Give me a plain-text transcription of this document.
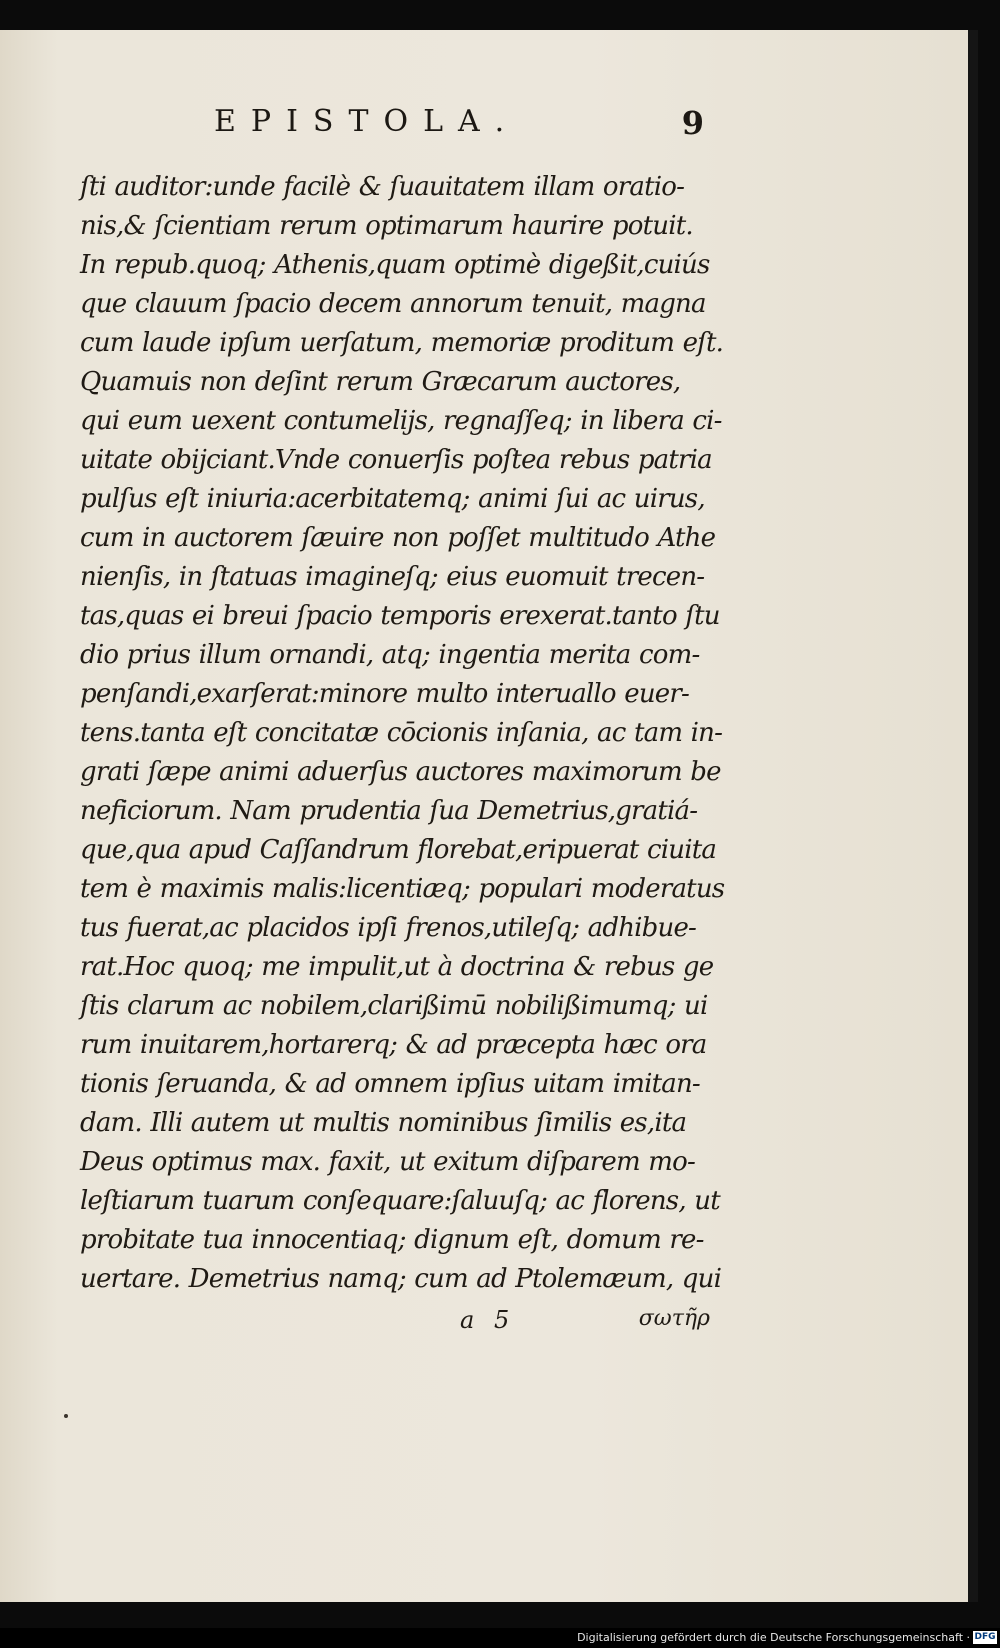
EPISTOLA.	9
ſti auditor:unde facilè & ſuauitatem illam oratio-
nis,& ſcientiam rerum optimarum haurire potuit.
In repub.quoq; Athenis,quam optimè digeßit,cuiús
que clauum ſpacio decem annorum tenuit, magna
cum laude ipſum uerſatum, memoriæ proditum eſt.
Quamuis non deſint rerum Græcarum auctores,
qui eum uexent contumelijs, regnaſſeq; in libera ci-
uitate obijciant.Vnde conuerſis poſtea rebus patria
pulſus eſt iniuria:acerbitatemq; animi ſui ac uirus,
cum in auctorem ſæuire non poſſet multitudo Athe
nienſis, in ſtatuas imagineſq; eius euomuit trecen-
tas,quas ei breui ſpacio temporis erexerat.tanto ſtu
dio prius illum ornandi, atq; ingentia merita com-
penſandi,exarſerat:minore multo interuallo euer-
tens.tanta eſt concitatæ cōcionis inſania, ac tam in-
grati ſæpe animi aduerſus auctores maximorum be
neficiorum. Nam prudentia ſua Demetrius,gratiá-
que,qua apud Caſſandrum florebat,eripuerat ciuita
tem è maximis malis:licentiæq; populari moderatus
tus fuerat,ac placidos ipſi frenos,utileſq; adhibue-
rat.Hoc quoq; me impulit,ut à doctrina & rebus ge
ſtis clarum ac nobilem,clarißimū nobilißimumq; ui
rum inuitarem,hortarerq; & ad præcepta hæc ora
tionis ſeruanda, & ad omnem ipſius uitam imitan-
dam. Illi autem ut multis nominibus ſimilis es,ita
Deus optimus max. faxit, ut exitum diſparem mo-
leſtiarum tuarum conſequare:ſaluuſq; ac florens, ut
probitate tua innocentiaq; dignum eſt, domum re-
uertare. Demetrius namq; cum ad Ptolemæum, qui
a 5	σωτῆρ
Digitalisierung gefördert durch die Deutsche Forschungsgemeinschaft · DFG
